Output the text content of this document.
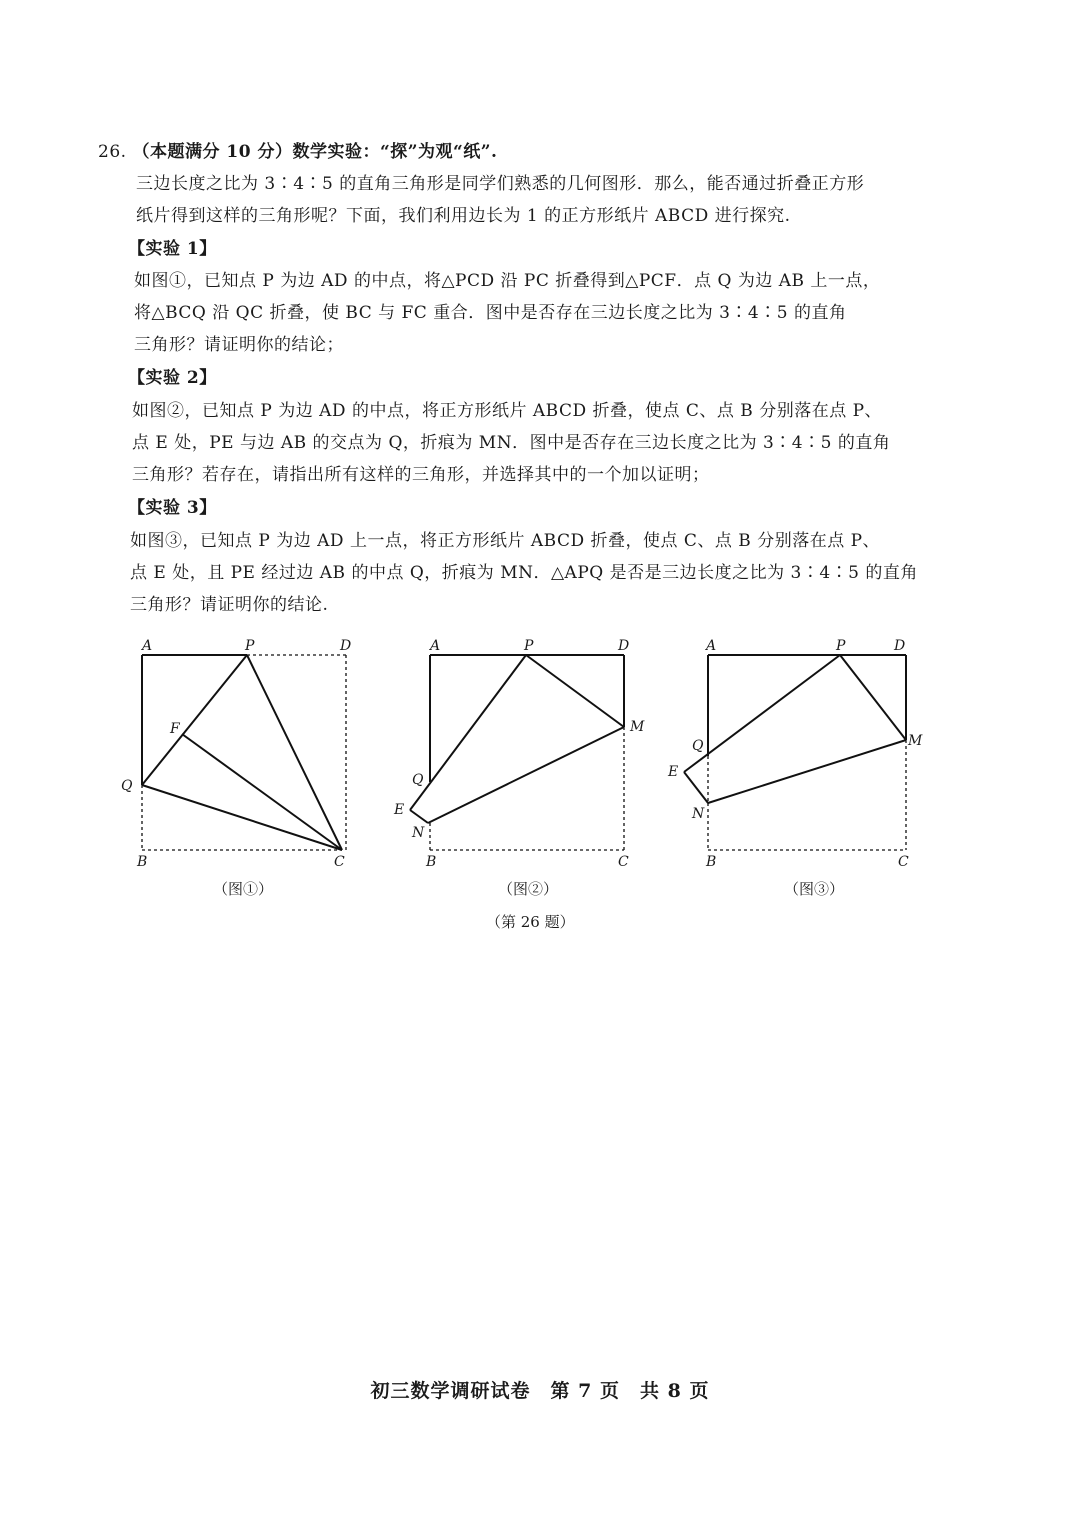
26. （本题满分 10 分）数学实验：“探”为观“纸”.
三边长度之比为 3∶4∶5 的直角三角形是同学们熟悉的几何图形．那么，能否通过折叠正方形
纸片得到这样的三角形呢？下面，我们利用边长为 1 的正方形纸片 ABCD 进行探究.
【实验 1】
如图①，已知点 P 为边 AD 的中点，将△PCD 沿 PC 折叠得到△PCF．点 Q 为边 AB 上一点，
将△BCQ 沿 QC 折叠，使 BC 与 FC 重合．图中是否存在三边长度之比为 3∶4∶5 的直角
三角形？请证明你的结论；
【实验 2】
如图②，已知点 P 为边 AD 的中点，将正方形纸片 ABCD 折叠，使点 C、点 B 分别落在点 P、
点 E 处，PE 与边 AB 的交点为 Q，折痕为 MN．图中是否存在三边长度之比为 3∶4∶5 的直角
三角形？若存在，请指出所有这样的三角形，并选择其中的一个加以证明；
【实验 3】
如图③，已知点 P 为边 AD 上一点，将正方形纸片 ABCD 折叠，使点 C、点 B 分别落在点 P、
点 E 处，且 PE 经过边 AB 的中点 Q，折痕为 MN．△APQ 是否是三边长度之比为 3∶4∶5 的直角
三角形？请证明你的结论.
A	P	D
F
Q
B	C
A	P	D
M
Q
E
N
B	C
A	P	D
M
Q
E
N
B	C
（图①）	（图②）	（图③）
（第 26 题）
初三数学调研试卷　第 7 页　共 8 页
